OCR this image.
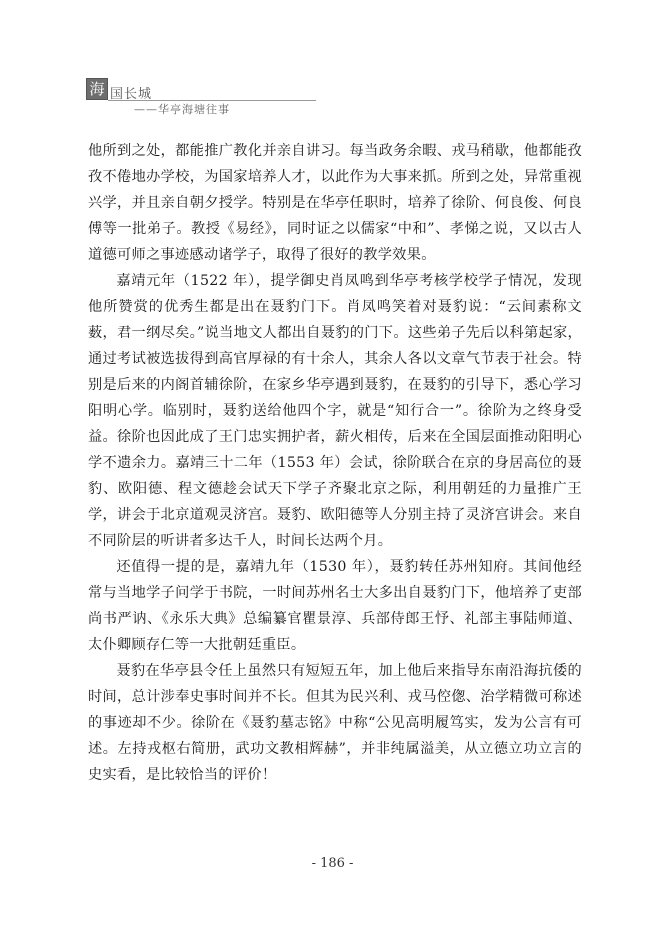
海 国长城
——华亭海塘往事

他所到之处，都能推广教化并亲自讲习。每当政务余暇、戎马稍歇，他都能孜孜不倦地办学校，为国家培养人才，以此作为大事来抓。所到之处，异常重视兴学，并且亲自朝夕授学。特别是在华亭任职时，培养了徐阶、何良俊、何良傅等一批弟子。教授《易经》，同时证之以儒家“中和”、孝悌之说，又以古人道德可师之事迹感动诸学子，取得了很好的教学效果。

嘉靖元年（1522 年），提学御史肖凤鸣到华亭考核学校学子情况，发现他所赞赏的优秀生都是出在聂豹门下。肖凤鸣笑着对聂豹说：“云间素称文薮，君一纲尽矣。”说当地文人都出自聂豹的门下。这些弟子先后以科第起家，通过考试被选拔得到高官厚禄的有十余人，其余人各以文章气节表于社会。特别是后来的内阁首辅徐阶，在家乡华亭遇到聂豹，在聂豹的引导下，悉心学习阳明心学。临别时，聂豹送给他四个字，就是“知行合一”。徐阶为之终身受益。徐阶也因此成了王门忠实拥护者，薪火相传，后来在全国层面推动阳明心学不遗余力。嘉靖三十二年（1553 年）会试，徐阶联合在京的身居高位的聂豹、欧阳德、程文德趁会试天下学子齐聚北京之际，利用朝廷的力量推广王学，讲会于北京道观灵济宫。聂豹、欧阳德等人分别主持了灵济宫讲会。来自不同阶层的听讲者多达千人，时间长达两个月。

还值得一提的是，嘉靖九年（1530 年），聂豹转任苏州知府。其间他经常与当地学子问学于书院，一时间苏州名士大多出自聂豹门下，他培养了吏部尚书严讷、《永乐大典》总编纂官瞿景淳、兵部侍郎王忬、礼部主事陆师道、太仆卿顾存仁等一大批朝廷重臣。

聂豹在华亭县令任上虽然只有短短五年，加上他后来指导东南沿海抗倭的时间，总计涉奉史事时间并不长。但其为民兴利、戎马倥偬、治学精微可称述的事迹却不少。徐阶在《聂豹墓志铭》中称“公见高明履笃实，发为公言有可述。左持戎枢右简册，武功文教相辉赫”，并非纯属溢美，从立德立功立言的史实看，是比较恰当的评价！

- 186 -
